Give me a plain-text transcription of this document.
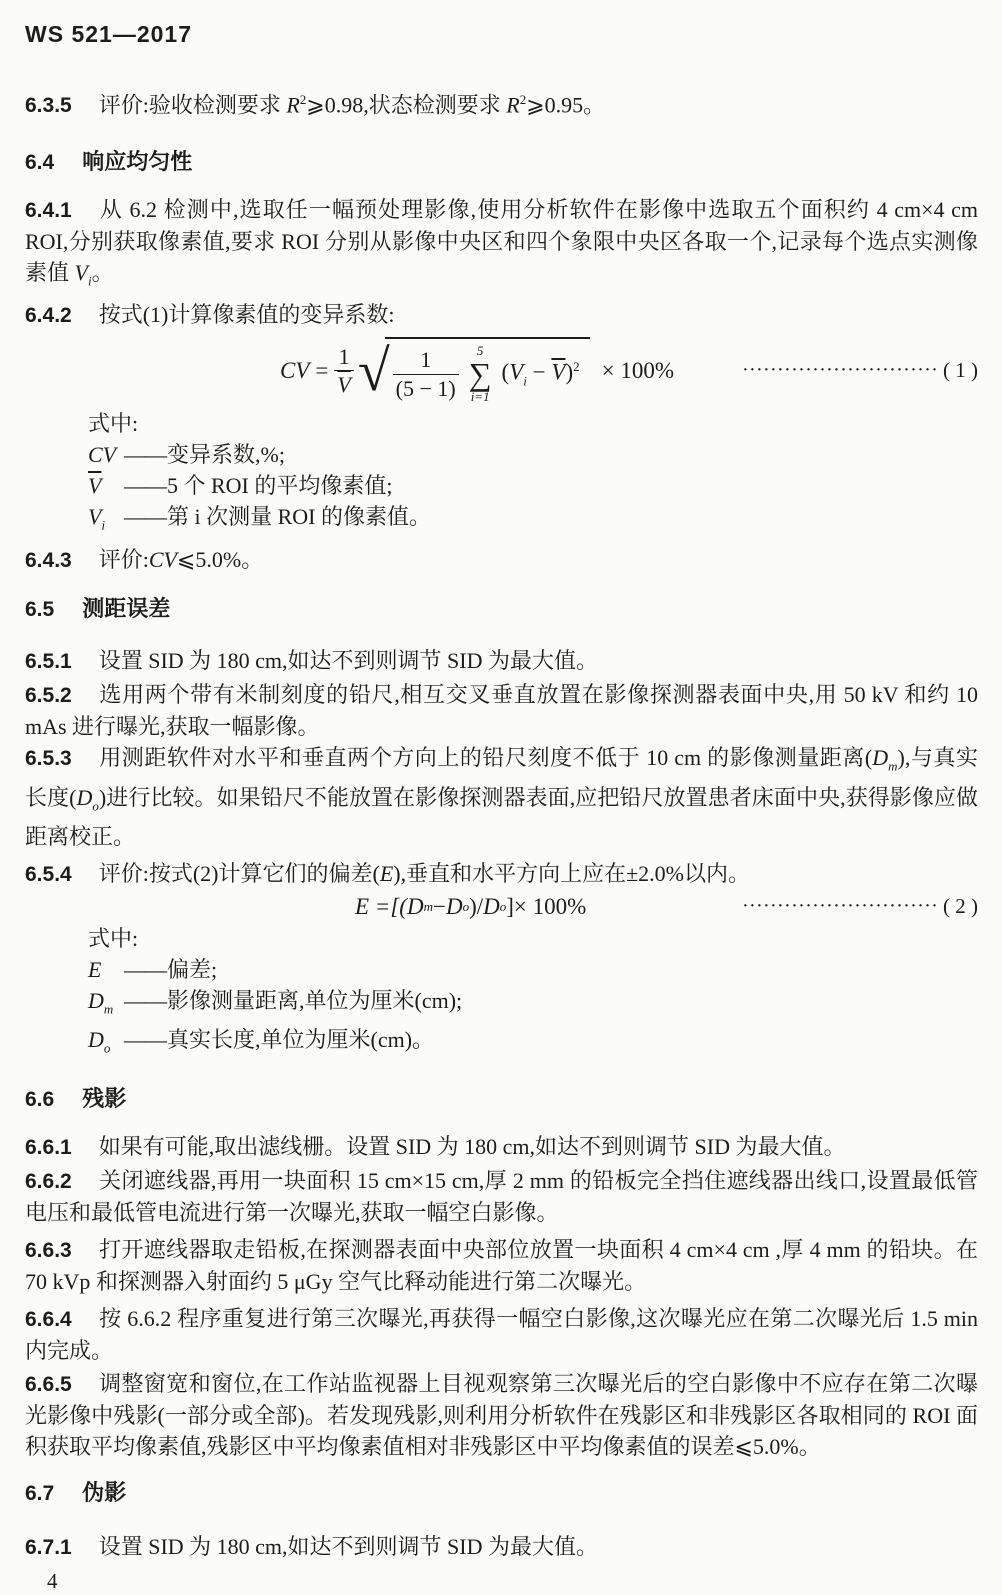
WS 521—2017

6.3.5 评价:验收检测要求 $R^2⩾0.98$,状态检测要求 $R^2⩾0.95$。

6.4 响应均匀性

6.4.1 从 6.2 检测中,选取任一幅预处理影像,使用分析软件在影像中选取五个面积约 4 cm×4 cm ROI,分别获取像素值,要求 ROI 分别从影像中央区和四个象限中央区各取一个,记录每个选点实测像素值 $V_i$。

6.4.2 按式(1)计算像素值的变异系数:

CV = $\frac{1}{V}$ √ $\frac{1}{(5 - 1)} 5$
∑
i=1
$(V_i - \overline{V})^2 \times 100\%$	···························· ( 1 )
式中:
CV —— 变异系数,%;
$\overline{V}$	—— 5 个 ROI 的平均像素值;
$V_i$ —— 第 i 次测量 ROI 的像素值。

6.4.3 评价:CV⩽5.0%。

6.5 测距误差

6.5.1 设置 SID 为 180 cm,如达不到则调节 SID 为最大值。

6.5.2 选用两个带有米制刻度的铅尺,相互交叉垂直放置在影像探测器表面中央,用 50 kV 和约 10 mAs 进行曝光,获取一幅影像。

6.5.3 用测距软件对水平和垂直两个方向上的铅尺刻度不低于 10 cm 的影像测量距离$(D_m)$,与真实长度$(D_o)$进行比较。如果铅尺不能放置在影像探测器表面,应把铅尺放置患者床面中央,获得影像应做距离校正。

6.5.4 评价:按式(2)计算它们的偏差(E),垂直和水平方向上应在±2.0%以内。

E =[( D m − D o )/ D o ]× 100%	···························· ( 2 )
式中:
E	—— 偏差;
$D_m$ —— 影像测量距离,单位为厘米(cm);
$D_o$ —— 真实长度,单位为厘米(cm)。
6.6 残影

6.6.1 如果有可能,取出滤线栅。设置 SID 为 180 cm,如达不到则调节 SID 为最大值。

6.6.2 关闭遮线器,再用一块面积 15 cm×15 cm,厚 2 mm 的铅板完全挡住遮线器出线口,设置最低管电压和最低管电流进行第一次曝光,获取一幅空白影像。

6.6.3 打开遮线器取走铅板,在探测器表面中央部位放置一块面积 4 cm×4 cm ,厚 4 mm 的铅块。在 70 kVp 和探测器入射面约 5 μGy 空气比释动能进行第二次曝光。

6.6.4 按 6.6.2 程序重复进行第三次曝光,再获得一幅空白影像,这次曝光应在第二次曝光后 1.5 min 内完成。

6.6.5 调整窗宽和窗位,在工作站监视器上目视观察第三次曝光后的空白影像中不应存在第二次曝光影像中残影(一部分或全部)。若发现残影,则利用分析软件在残影区和非残影区各取相同的 ROI 面积获取平均像素值,残影区中平均像素值相对非残影区中平均像素值的误差⩽5.0%。

6.7 伪影

6.7.1 设置 SID 为 180 cm,如达不到则调节 SID 为最大值。

4
